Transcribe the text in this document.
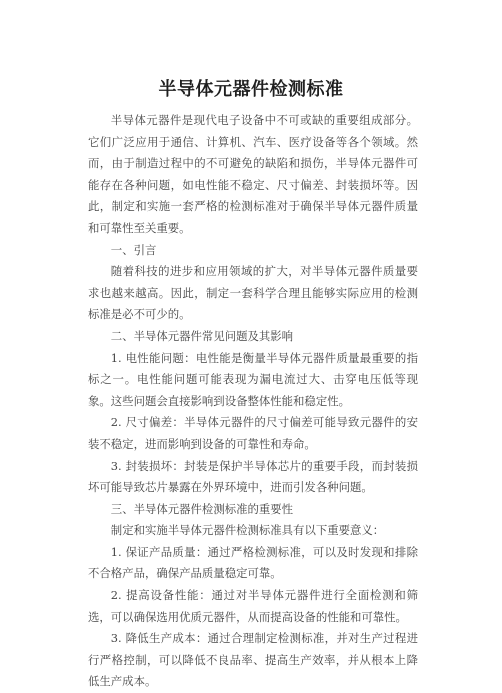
半导体元器件检测标准

半导体元器件是现代电子设备中不可或缺的重要组成部分。它们广泛应用于通信、计算机、汽车、医疗设备等各个领域。然而，由于制造过程中的不可避免的缺陷和损伤，半导体元器件可能存在各种问题，如电性能不稳定、尺寸偏差、封装损坏等。因此，制定和实施一套严格的检测标准对于确保半导体元器件质量和可靠性至关重要。

一、引言

随着科技的进步和应用领域的扩大，对半导体元器件质量要求也越来越高。因此，制定一套科学合理且能够实际应用的检测标准是必不可少的。

二、半导体元器件常见问题及其影响

1. 电性能问题：电性能是衡量半导体元器件质量最重要的指标之一。电性能问题可能表现为漏电流过大、击穿电压低等现象。这些问题会直接影响到设备整体性能和稳定性。

2. 尺寸偏差：半导体元器件的尺寸偏差可能导致元器件的安装不稳定，进而影响到设备的可靠性和寿命。

3. 封装损坏：封装是保护半导体芯片的重要手段，而封装损坏可能导致芯片暴露在外界环境中，进而引发各种问题。

三、半导体元器件检测标准的重要性

制定和实施半导体元器件检测标准具有以下重要意义：

1. 保证产品质量：通过严格检测标准，可以及时发现和排除不合格产品，确保产品质量稳定可靠。

2. 提高设备性能：通过对半导体元器件进行全面检测和筛选，可以确保选用优质元器件，从而提高设备的性能和可靠性。

3. 降低生产成本：通过合理制定检测标准，并对生产过程进行严格控制，可以降低不良品率、提高生产效率，并从根本上降低生产成本。
